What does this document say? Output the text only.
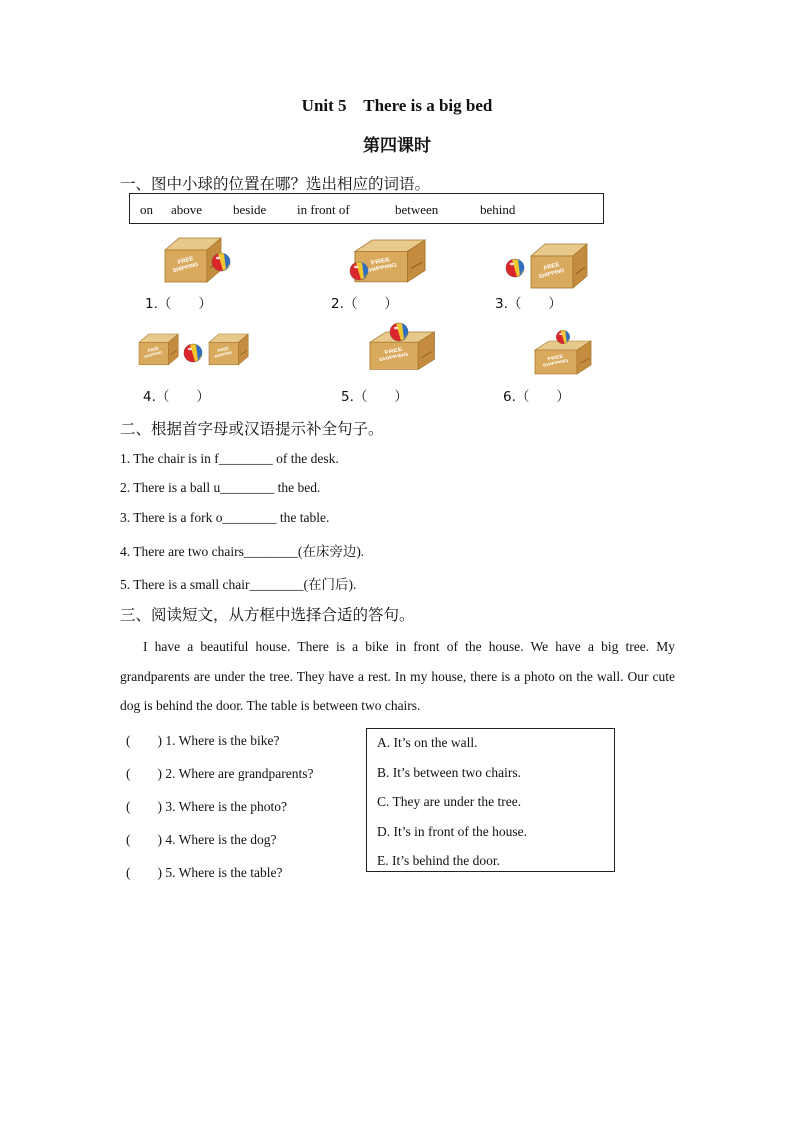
Unit 5    There is a big bed
第四课时
一、图中小球的位置在哪？选出相应的词语。
on above beside in front of	between	behind
1.（　　）	2.（　　）	3.（　　）
4.（　　）	5.（　　）	6.（　　）
二、根据首字母或汉语提示补全句子。
1. The chair is in f________ of the desk.
2. There is a ball u________ the bed.
3. There is a fork o________ the table.
4. There are two chairs________(在床旁边).
5. There is a small chair________(在门后).
三、阅读短文，从方框中选择合适的答句。

I have a beautiful house. There is a bike in front of the house. We have a big tree. My grandparents are under the tree. They have a rest. In my house, there is a photo on the wall. Our cute dog is behind the door. The table is between two chairs.

(　　) 1. Where is the bike?
(　　) 2. Where are grandparents?
(　　) 3. Where is the photo?
(　　) 4. Where is the dog?
(　　) 5. Where is the table?
A. It’s on the wall.
B. It’s between two chairs.
C. They are under the tree.
D. It’s in front of the house.
E. It’s behind the door.
